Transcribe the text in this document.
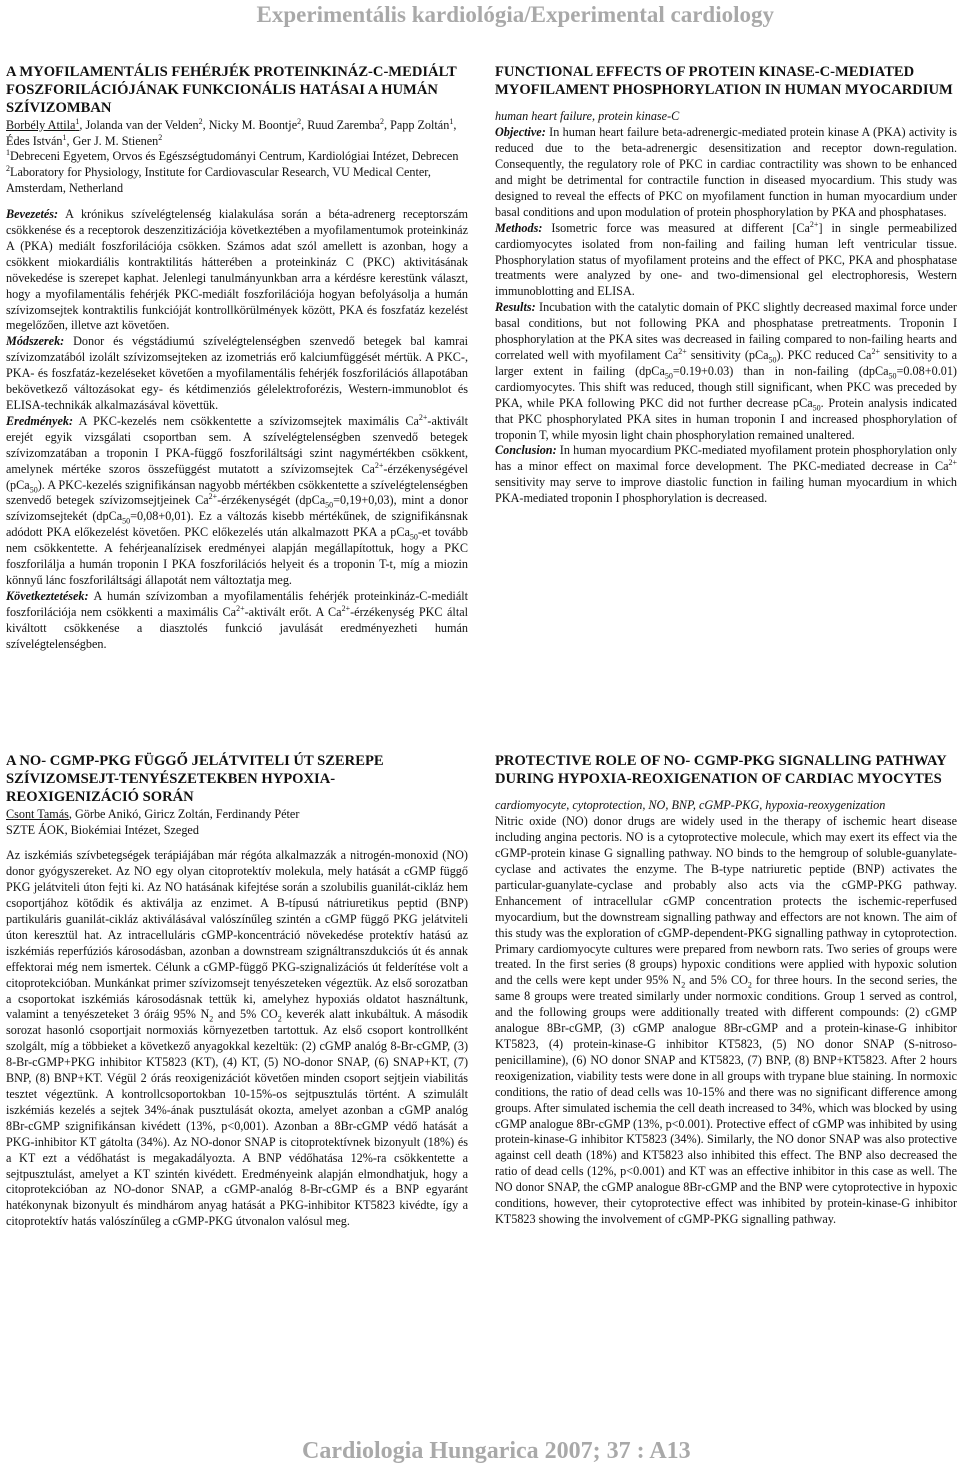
Experimentális kardiológia/Experimental cardiology

A MYOFILAMENTÁLIS FEHÉRJÉK PROTEINKINÁZ-C-MEDIÁLT FOSZFORILÁCIÓJÁNAK FUNKCIONÁLIS HATÁSAI A HUMÁN SZÍVIZOMBAN

Borbély Attila$^1$, Jolanda van der Velden$^2$, Nicky M. Boontje$^2$, Ruud Zaremba$^2$, Papp Zoltán$^1$, Édes István$^1$, Ger J. M. Stienen$^2$

$^1$Debreceni Egyetem, Orvos és Egészségtudományi Centrum, Kardiológiai Intézet, Debrecen

$^2$Laboratory for Physiology, Institute for Cardiovascular Research, VU Medical Center, Amsterdam, Netherland

Bevezetés: A krónikus szívelégtelenség kialakulása során a béta-adrenerg receptorszám csökkenése és a receptorok deszenzitizációja következtében a myofilamentumok proteinkináz A (PKA) mediált foszforilációja csökken. Számos adat szól amellett is azonban, hogy a csökkent miokardiális kontraktilitás hátterében a proteinkináz C (PKC) aktivitásának növekedése is szerepet kaphat. Jelenlegi tanulmányunkban arra a kérdésre kerestünk választ, hogy a myofilamentális fehérjék PKC-mediált foszforilációja hogyan befolyásolja a humán szívizomsejtek kontraktilis funkcióját kontrollkörülmények között, PKA és foszfatáz kezelést megelőzően, illetve azt követően.

Módszerek: Donor és végstádiumú szívelégtelenségben szenvedő betegek bal kamrai szívizomzatából izolált szívizomsejteken az izometriás erő kalciumfüggését mértük. A PKC-, PKA- és foszfatáz-kezeléseket követően a myofilamentális fehérjék foszforilációs állapotában bekövetkező változásokat egy- és kétdimenziós gélelektroforézis, Western-immunoblot és ELISA-technikák alkalmazásával követtük.

Eredmények: A PKC-kezelés nem csökkentette a szívizomsejtek maximális $Ca^{2+}$-aktivált erejét egyik vizsgálati csoportban sem. A szívelégtelenségben szenvedő betegek szívizomzatában a troponin I PKA-függő foszforiláltsági szint nagymértékben csökkent, amelynek mértéke szoros összefüggést mutatott a szívizomsejtek $Ca^{2+}$-érzékenységével (pCa$_{50}$). A PKC-kezelés szignifikánsan nagyobb mértékben csökkentette a szívelégtelenségben szenvedő betegek szívizomsejtjeinek $Ca^{2+}$-érzékenységét (dpCa$_{50}$=0,19+0,03), mint a donor szívizomsejtekét (dpCa$_{50}$=0,08+0,01). Ez a változás kisebb mértékűnek, de szignifikánsnak adódott PKA előkezelést követően. PKC előkezelés után alkalmazott PKA a pCa$_{50}$-et tovább nem csökkentette. A fehérjeanalízisek eredményei alapján megállapítottuk, hogy a PKC foszforilálja a humán troponin I PKA foszforilációs helyeit és a troponin T-t, míg a miozin könnyű lánc foszforiláltsági állapotát nem változtatja meg.

Következtetések: A humán szívizomban a myofilamentális fehérjék proteinkináz-C-mediált foszforilációja nem csökkenti a maximális $Ca^{2+}$-aktivált erőt. A $Ca^{2+}$-érzékenység PKC által kiváltott csökkenése a diasztolés funkció javulását eredményezheti humán szívelégtelenségben.

FUNCTIONAL EFFECTS OF PROTEIN KINASE-C-MEDIATED MYOFILAMENT PHOSPHORYLATION IN HUMAN MYOCARDIUM

human heart failure, protein kinase-C

Objective: In human heart failure beta-adrenergic-mediated protein kinase A (PKA) activity is reduced due to the beta-adrenergic desensitization and receptor down-regulation. Consequently, the regulatory role of PKC in cardiac contractility was shown to be enhanced and might be detrimental for contractile function in diseased myocardium. This study was designed to reveal the effects of PKC on myofilament function in human myocardium under basal conditions and upon modulation of protein phosphorylation by PKA and phosphatases.

Methods: Isometric force was measured at different $[Ca^{2+}]$ in single permeabilized cardiomyocytes isolated from non-failing and failing human left ventricular tissue. Phosphorylation status of myofilament proteins and the effect of PKC, PKA and phosphatase treatments were analyzed by one- and two-dimensional gel electrophoresis, Western immunoblotting and ELISA.

Results: Incubation with the catalytic domain of PKC slightly decreased maximal force under basal conditions, but not following PKA and phosphatase pretreatments. Troponin I phosphorylation at the PKA sites was decreased in failing compared to non-failing hearts and correlated well with myofilament $Ca^{2+}$ sensitivity (pCa$_{50}$). PKC reduced $Ca^{2+}$ sensitivity to a larger extent in failing (dpCa$_{50}$=0.19+0.03) than in non-failing (dpCa$_{50}$=0.08+0.01) cardiomyocytes. This shift was reduced, though still significant, when PKC was preceded by PKA, while PKA following PKC did not further decrease pCa$_{50}$. Protein analysis indicated that PKC phosphorylated PKA sites in human troponin I and increased phosphorylation of troponin T, while myosin light chain phosphorylation remained unaltered.

Conclusion: In human myocardium PKC-mediated myofilament protein phosphorylation only has a minor effect on maximal force development. The PKC-mediated decrease in $Ca^{2+}$ sensitivity may serve to improve diastolic function in failing human myocardium in which PKA-mediated troponin I phosphorylation is decreased.

A NO- CGMP-PKG FÜGGŐ JELÁTVITELI ÚT SZEREPE SZÍVIZOMSEJT-TENYÉSZETEKBEN HYPOXIA-REOXIGENIZÁCIÓ SORÁN

Csont Tamás, Görbe Anikó, Giricz Zoltán, Ferdinandy Péter

SZTE ÁOK, Biokémiai Intézet, Szeged

Az iszkémiás szívbetegségek terápiájában már régóta alkalmazzák a nitrogén-monoxid (NO) donor gyógyszereket. Az NO egy olyan citoprotektív molekula, mely hatását a cGMP függő PKG jelátviteli úton fejti ki. Az NO hatásának kifejtése során a szolubilis guanilát-cikláz hem csoportjához kötődik és aktiválja az enzimet. A B-típusú nátriuretikus peptid (BNP) partikuláris guanilát-cikláz aktiválásával valószínűleg szintén a cGMP függő PKG jelátviteli úton keresztül hat. Az intracelluláris cGMP-koncentráció növekedése protektív hatású az iszkémiás reperfúziós károsodásban, azonban a downstream szignáltranszdukciós út és annak effektorai még nem ismertek. Célunk a cGMP-függő PKG-szignalizációs út felderítése volt a citoprotekcióban. Munkánkat primer szívizomsejt tenyészeteken végeztük. Az első sorozatban a csoportokat iszkémiás károsodásnak tettük ki, amelyhez hypoxiás oldatot használtunk, valamint a tenyészeteket 3 óráig 95% $N_2$ and 5% $CO_2$ keverék alatt inkubáltuk. A második sorozat hasonló csoportjait normoxiás környezetben tartottuk. Az első csoport kontrollként szolgált, míg a többieket a következő anyagokkal kezeltük: (2) cGMP analóg 8-Br-cGMP, (3) 8-Br-cGMP+PKG inhibitor KT5823 (KT), (4) KT, (5) NO-donor SNAP, (6) SNAP+KT, (7) BNP, (8) BNP+KT. Végül 2 órás reoxigenizációt követően minden csoport sejtjein viabilitás tesztet végeztünk. A kontrollcsoportokban 10-15%-os sejtpusztulás történt. A szimulált iszkémiás kezelés a sejtek 34%-ának pusztulását okozta, amelyet azonban a cGMP analóg 8Br-cGMP szignifikánsan kivédett (13%, p<0,001). Azonban a 8Br-cGMP védő hatását a PKG-inhibitor KT gátolta (34%). Az NO-donor SNAP is citoprotektívnek bizonyult (18%) és a KT ezt a védőhatást is megakadályozta. A BNP védőhatása 12%-ra csökkentette a sejtpusztulást, amelyet a KT szintén kivédett. Eredményeink alapján elmondhatjuk, hogy a citoprotekcióban az NO-donor SNAP, a cGMP-analóg 8-Br-cGMP és a BNP egyaránt hatékonynak bizonyult és mindhárom anyag hatását a PKG-inhibitor KT5823 kivédte, így a citoprotektív hatás valószínűleg a cGMP-PKG útvonalon valósul meg.

PROTECTIVE ROLE OF NO- CGMP-PKG SIGNALLING PATHWAY DURING HYPOXIA-REOXIGENATION OF CARDIAC MYOCYTES

cardiomyocyte, cytoprotection, NO, BNP, cGMP-PKG, hypoxia-reoxygenization

Nitric oxide (NO) donor drugs are widely used in the therapy of ischemic heart disease including angina pectoris. NO is a cytoprotective molecule, which may exert its effect via the cGMP-protein kinase G signalling pathway. NO binds to the hemgroup of soluble-guanylate-cyclase and activates the enzyme. The B-type natriuretic peptide (BNP) activates the particular-guanylate-cyclase and probably also acts via the cGMP-PKG pathway. Enhancement of intracellular cGMP concentration protects the ischemic-reperfused myocardium, but the downstream signalling pathway and effectors are not known. The aim of this study was the exploration of cGMP-dependent-PKG signalling pathway in cytoprotection. Primary cardiomyocyte cultures were prepared from newborn rats. Two series of groups were treated. In the first series (8 groups) hypoxic conditions were applied with hypoxic solution and the cells were kept under 95% $N_2$ and 5% $CO_2$ for three hours. In the second series, the same 8 groups were treated similarly under normoxic conditions. Group 1 served as control, and the following groups were additionally treated with different compounds: (2) cGMP analogue 8Br-cGMP, (3) cGMP analogue 8Br-cGMP and a protein-kinase-G inhibitor KT5823, (4) protein-kinase-G inhibitor KT5823, (5) NO donor SNAP (S-nitroso-penicillamine), (6) NO donor SNAP and KT5823, (7) BNP, (8) BNP+KT5823. After 2 hours reoxigenization, viability tests were done in all groups with trypane blue staining. In normoxic conditions, the ratio of dead cells was 10-15% and there was no significant difference among groups. After simulated ischemia the cell death increased to 34%, which was blocked by using cGMP analogue 8Br-cGMP (13%, p<0.001). Protective effect of cGMP was inhibited by using protein-kinase-G inhibitor KT5823 (34%). Similarly, the NO donor SNAP was also protective against cell death (18%) and KT5823 also inhibited this effect. The BNP also decreased the ratio of dead cells (12%, p<0.001) and KT was an effective inhibitor in this case as well. The NO donor SNAP, the cGMP analogue 8Br-cGMP and the BNP were cytoprotective in hypoxic conditions, however, their cytoprotective effect was inhibited by protein-kinase-G inhibitor KT5823 showing the involvement of cGMP-PKG signalling pathway.

Cardiologia Hungarica 2007; 37 : A13
